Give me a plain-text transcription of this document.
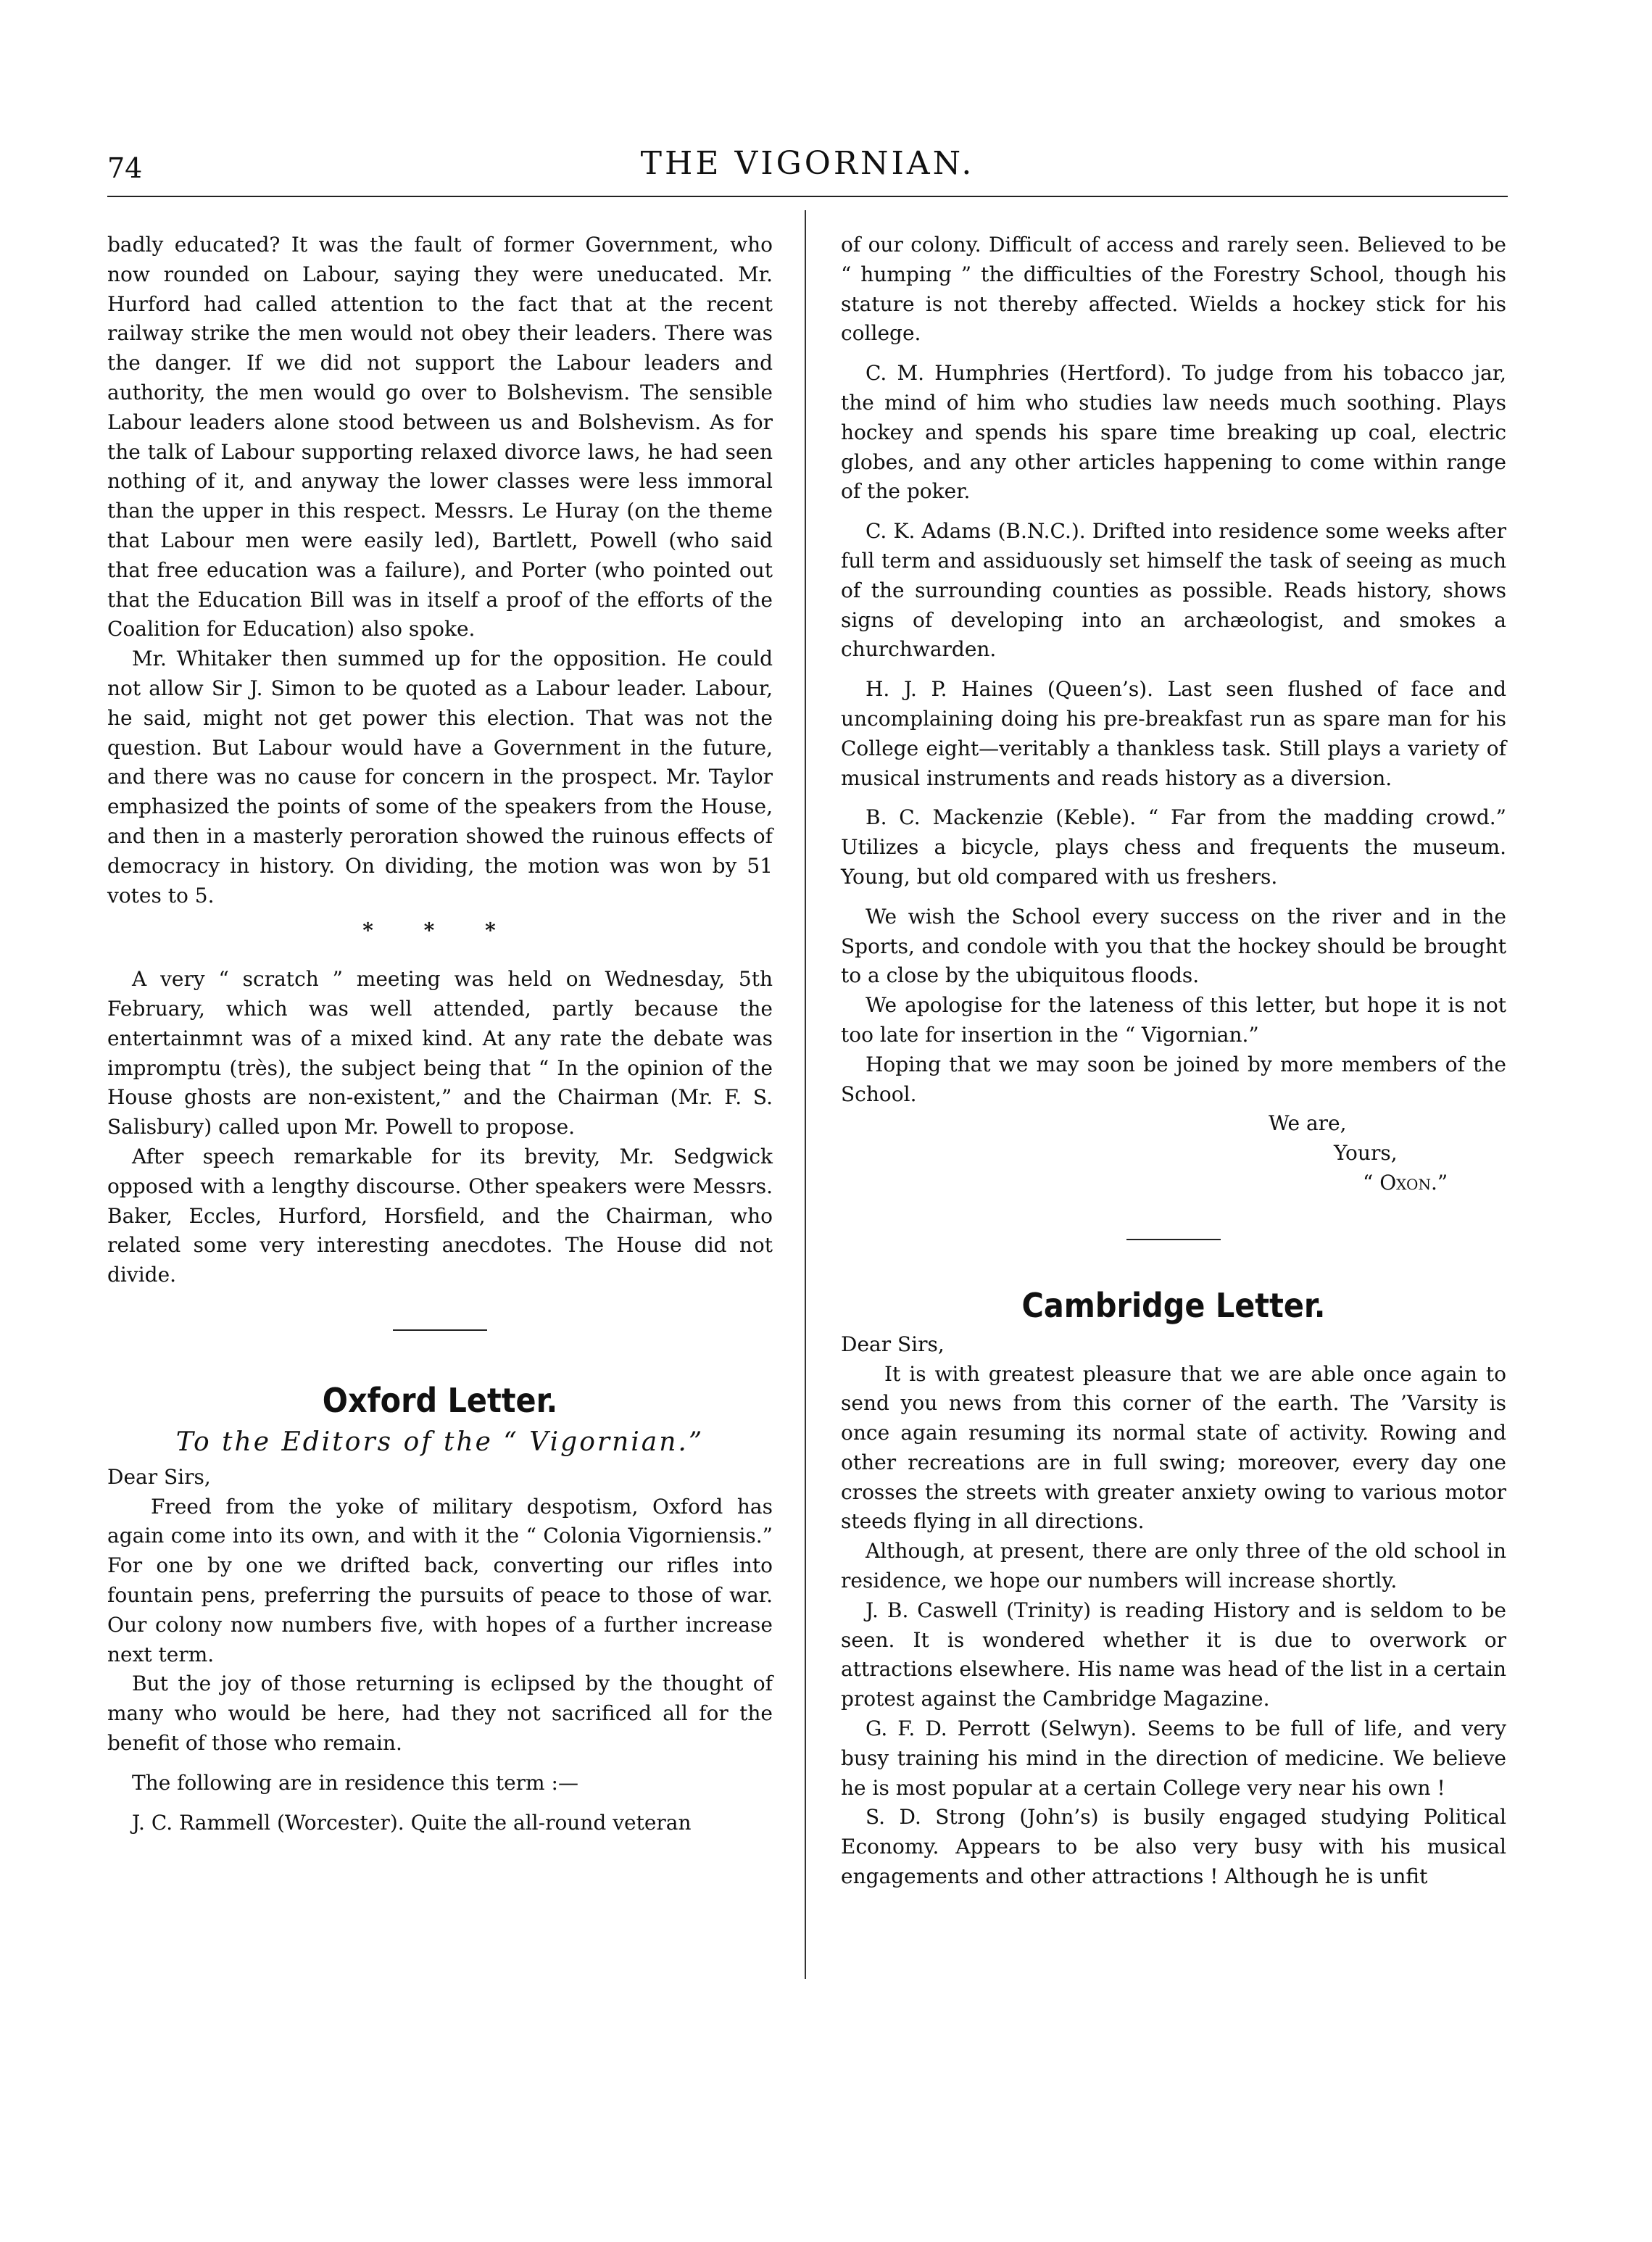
74	THE VIGORNIAN.

badly educated? It was the fault of former Government, who now rounded on Labour, saying they were uneducated. Mr. Hurford had called attention to the fact that at the recent railway strike the men would not obey their leaders. There was the danger. If we did not support the Labour leaders and authority, the men would go over to Bolshevism. The sensible Labour leaders alone stood between us and Bolshevism. As for the talk of Labour supporting relaxed divorce laws, he had seen nothing of it, and anyway the lower classes were less immoral than the upper in this respect. Messrs. Le Huray (on the theme that Labour men were easily led), Bartlett, Powell (who said that free education was a failure), and Porter (who pointed out that the Education Bill was in itself a proof of the efforts of the Coalition for Education) also spoke.

Mr. Whitaker then summed up for the opposition. He could not allow Sir J. Simon to be quoted as a Labour leader. Labour, he said, might not get power this election. That was not the question. But Labour would have a Government in the future, and there was no cause for concern in the prospect. Mr. Taylor emphasized the points of some of the speakers from the House, and then in a masterly peroration showed the ruinous effects of democracy in history. On dividing, the motion was won by 51 votes to 5.

* * *

A very “ scratch ” meeting was held on Wednesday, 5th February, which was well attended, partly because the entertainmnt was of a mixed kind. At any rate the debate was impromptu (très), the subject being that “ In the opinion of the House ghosts are non-existent,” and the Chairman (Mr. F. S. Salisbury) called upon Mr. Powell to propose.

After speech remarkable for its brevity, Mr. Sedgwick opposed with a lengthy discourse. Other speakers were Messrs. Baker, Eccles, Hurford, Horsfield, and the Chairman, who related some very interesting anecdotes. The House did not divide.

Oxford Letter.
To the Editors of the “ Vigornian.”

Dear Sirs,

Freed from the yoke of military despotism, Oxford has again come into its own, and with it the “ Colonia Vigorniensis.” For one by one we drifted back, converting our rifles into fountain pens, preferring the pursuits of peace to those of war. Our colony now numbers five, with hopes of a further increase next term.

But the joy of those returning is eclipsed by the thought of many who would be here, had they not sacrificed all for the benefit of those who remain.

The following are in residence this term :—

J. C. Rammell (Worcester). Quite the all-round veteran

of our colony. Difficult of access and rarely seen. Believed to be “ humping ” the difficulties of the Forestry School, though his stature is not thereby affected. Wields a hockey stick for his college.

C. M. Humphries (Hertford). To judge from his tobacco jar, the mind of him who studies law needs much soothing. Plays hockey and spends his spare time breaking up coal, electric globes, and any other articles happening to come within range of the poker.

C. K. Adams (B.N.C.). Drifted into residence some weeks after full term and assiduously set himself the task of seeing as much of the surrounding counties as possible. Reads history, shows signs of developing into an archæologist, and smokes a churchwarden.

H. J. P. Haines (Queen’s). Last seen flushed of face and uncomplaining doing his pre-breakfast run as spare man for his College eight—veritably a thankless task. Still plays a variety of musical instruments and reads history as a diversion.

B. C. Mackenzie (Keble). “ Far from the madding crowd.” Utilizes a bicycle, plays chess and frequents the museum. Young, but old compared with us freshers.

We wish the School every success on the river and in the Sports, and condole with you that the hockey should be brought to a close by the ubiquitous floods.

We apologise for the lateness of this letter, but hope it is not too late for insertion in the “ Vigornian.”

Hoping that we may soon be joined by more members of the School.

We are,

Yours,

“ Oxon.”

Cambridge Letter.

Dear Sirs,

It is with greatest pleasure that we are able once again to send you news from this corner of the earth. The ’Varsity is once again resuming its normal state of activity. Rowing and other recreations are in full swing; moreover, every day one crosses the streets with greater anxiety owing to various motor steeds flying in all directions.

Although, at present, there are only three of the old school in residence, we hope our numbers will increase shortly.

J. B. Caswell (Trinity) is reading History and is seldom to be seen. It is wondered whether it is due to overwork or attractions elsewhere. His name was head of the list in a certain protest against the Cambridge Magazine.

G. F. D. Perrott (Selwyn). Seems to be full of life, and very busy training his mind in the direction of medicine. We believe he is most popular at a certain College very near his own !

S. D. Strong (John’s) is busily engaged studying Political Economy. Appears to be also very busy with his musical engagements and other attractions ! Although he is unfit
